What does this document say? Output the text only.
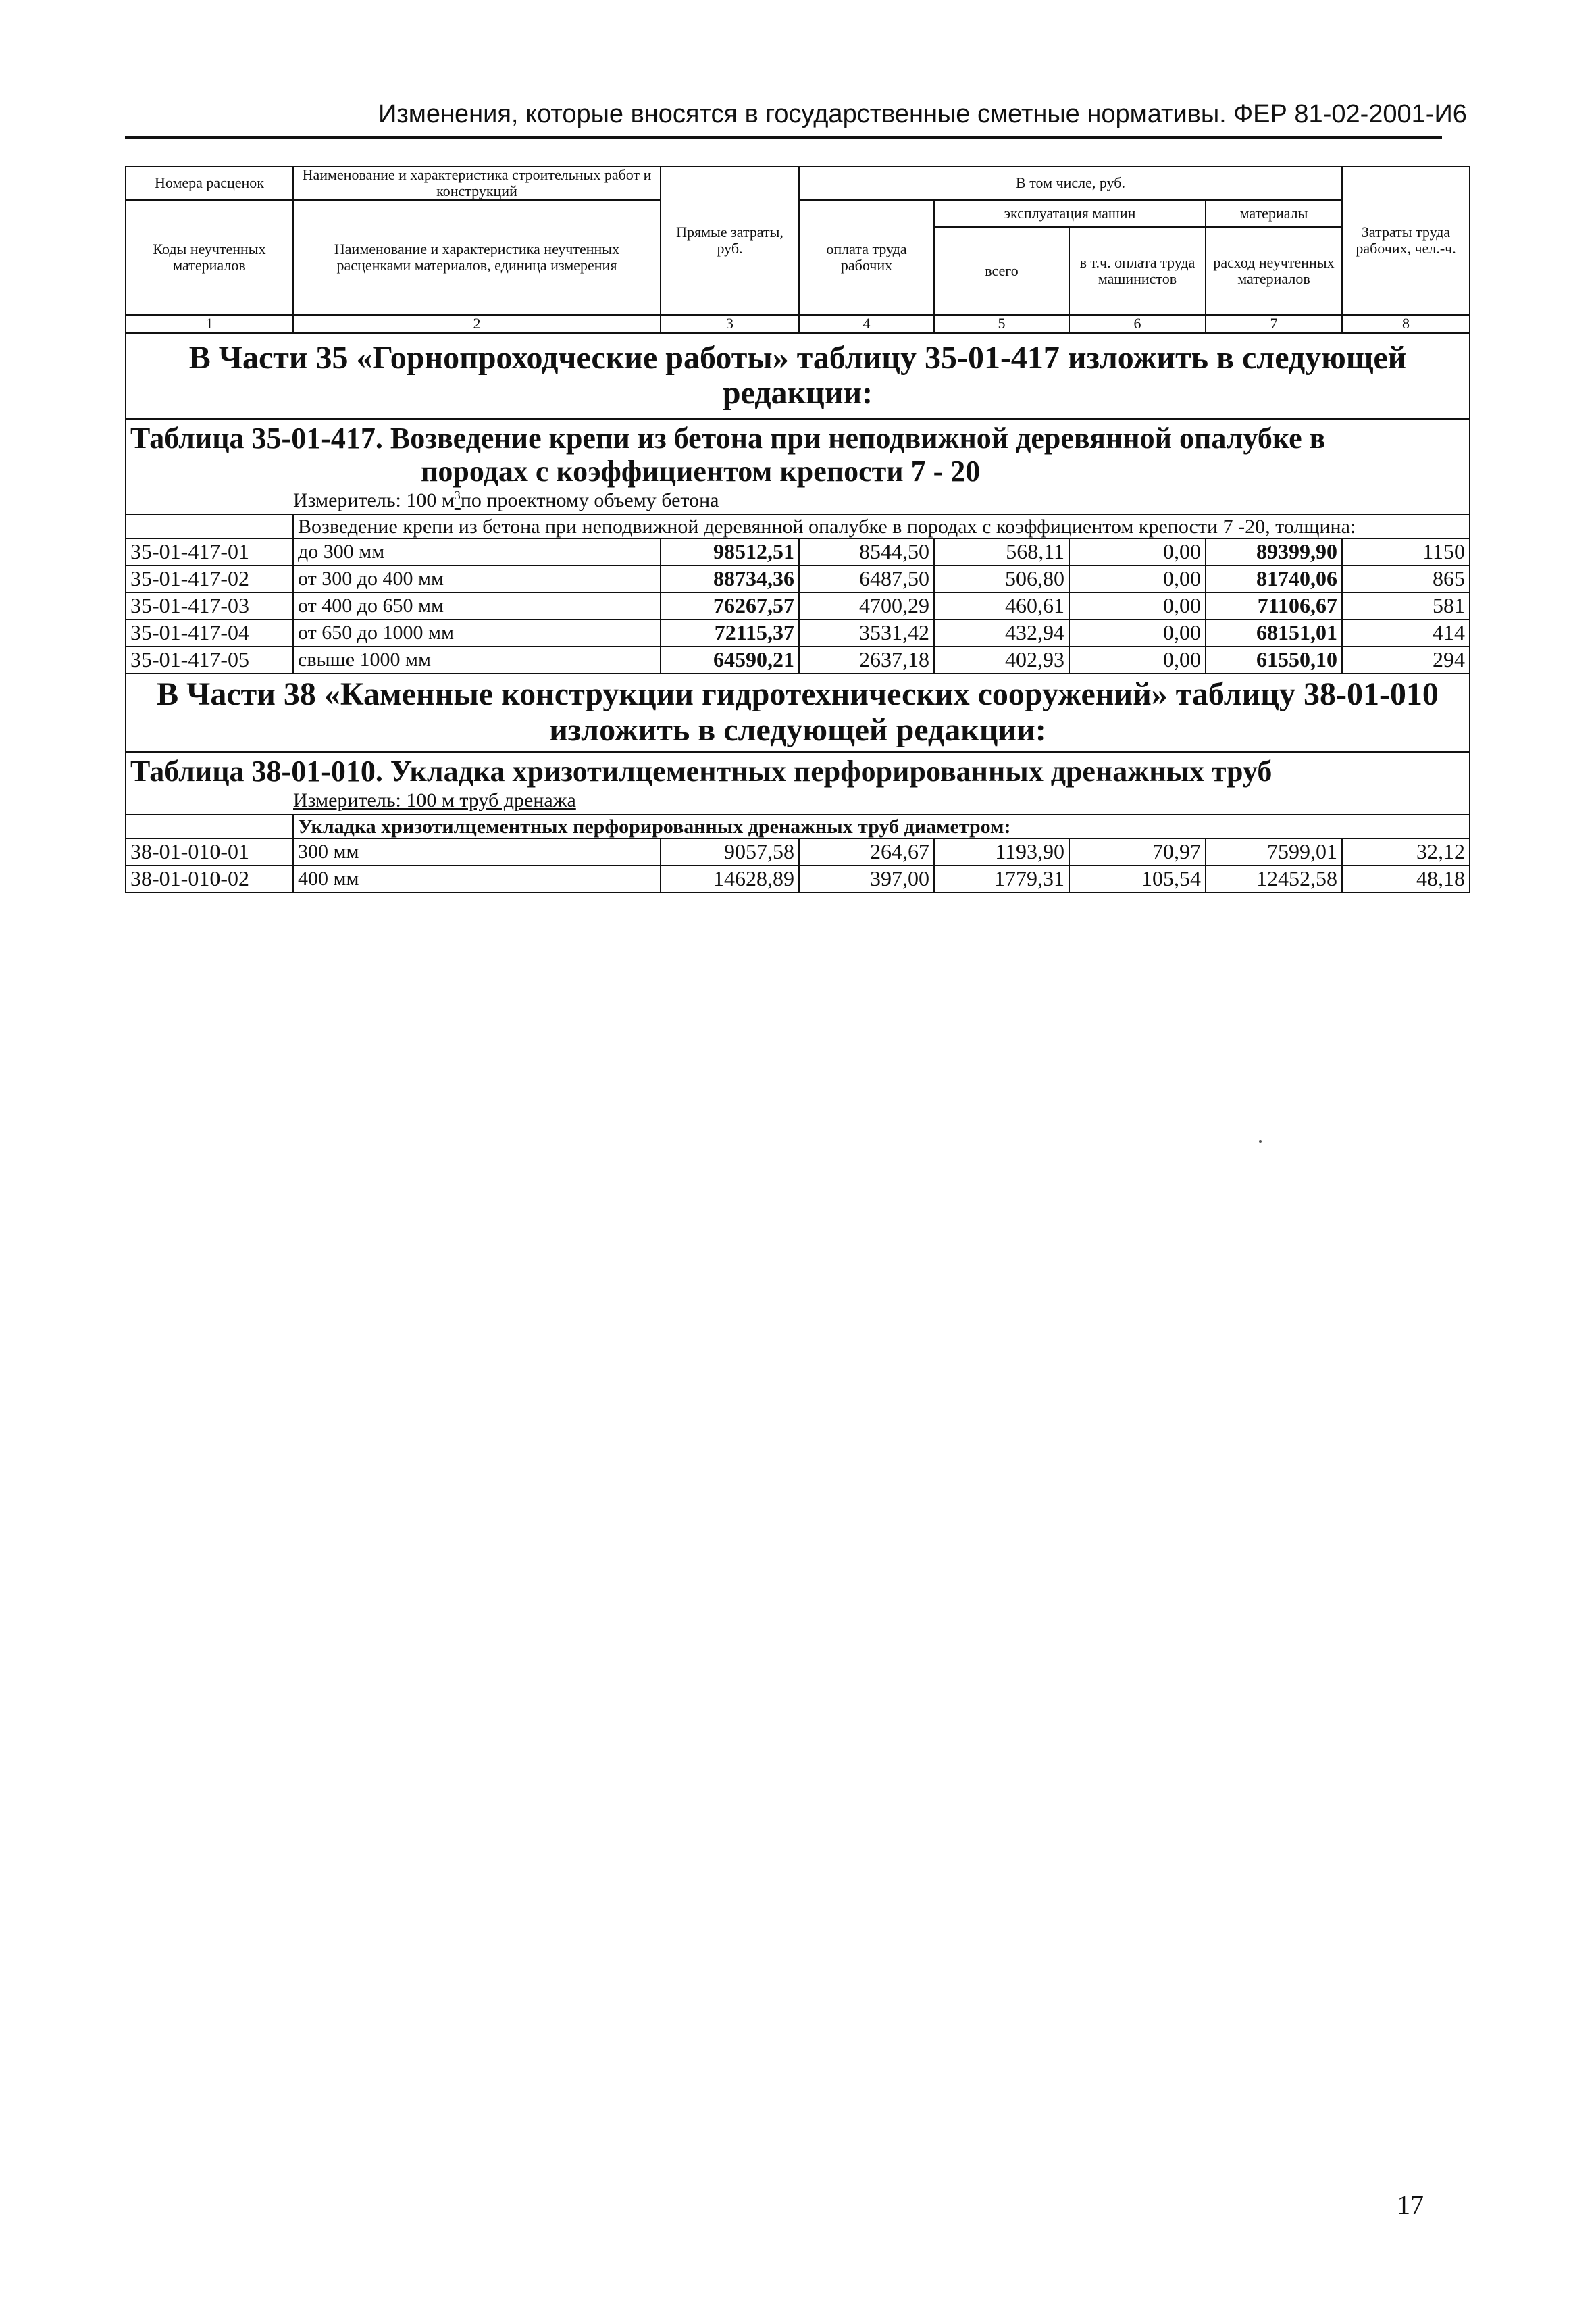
Изменения, которые вносятся в государственные сметные нормативы. ФЕР 81-02-2001-И6
Номера расценок	Наименование и характеристика строительных работ и конструкций	Прямые затраты, руб.	В том числе, руб.				Затраты труда рабочих, чел.-ч.
Коды неучтенных материалов	Наименование и характеристика неучтенных расценками материалов, единица измерения		оплата труда рабочих	эксплуатация машин		материалы	
				всего	в т.ч. оплата труда машинистов	расход неучтенных материалов	
1	2	3	4	5	6	7	8
В Части 35 «Горнопроходческие работы» таблицу 35-01-417 изложить в следующей редакции:							
Таблица 35-01-417. Возведение крепи из бетона при неподвижной деревянной опалубке в
породах с коэффициентом крепости 7 - 20							

Измеритель: 100 $м^3по$ проектному объему бетона							
	Возведение крепи из бетона при неподвижной деревянной опалубке в породах с коэффициентом крепости 7 -20, толщина:						
35-01-417-01	до 300 мм	98512,51	8544,50	568,11	0,00	89399,90	1150
35-01-417-02	от 300 до 400 мм	88734,36	6487,50	506,80	0,00	81740,06	865
35-01-417-03	от 400 до 650 мм	76267,57	4700,29	460,61	0,00	71106,67	581
35-01-417-04	от 650 до 1000 мм	72115,37	3531,42	432,94	0,00	68151,01	414
35-01-417-05	свыше 1000 мм	64590,21	2637,18	402,93	0,00	61550,10	294
В Части 38 «Каменные конструкции гидротехнических сооружений» таблицу 38-01-010 изложить в следующей редакции:							
Таблица 38-01-010. Укладка хризотилцементных перфорированных дренажных труб							
Измеритель: 100 м труб дренажа							
	Укладка хризотилцементных перфорированных дренажных труб диаметром:						
38-01-010-01	300 мм	9057,58	264,67	1193,90	70,97	7599,01	32,12
38-01-010-02	400 мм	14628,89	397,00	1779,31	105,54	12452,58	48,18
17
